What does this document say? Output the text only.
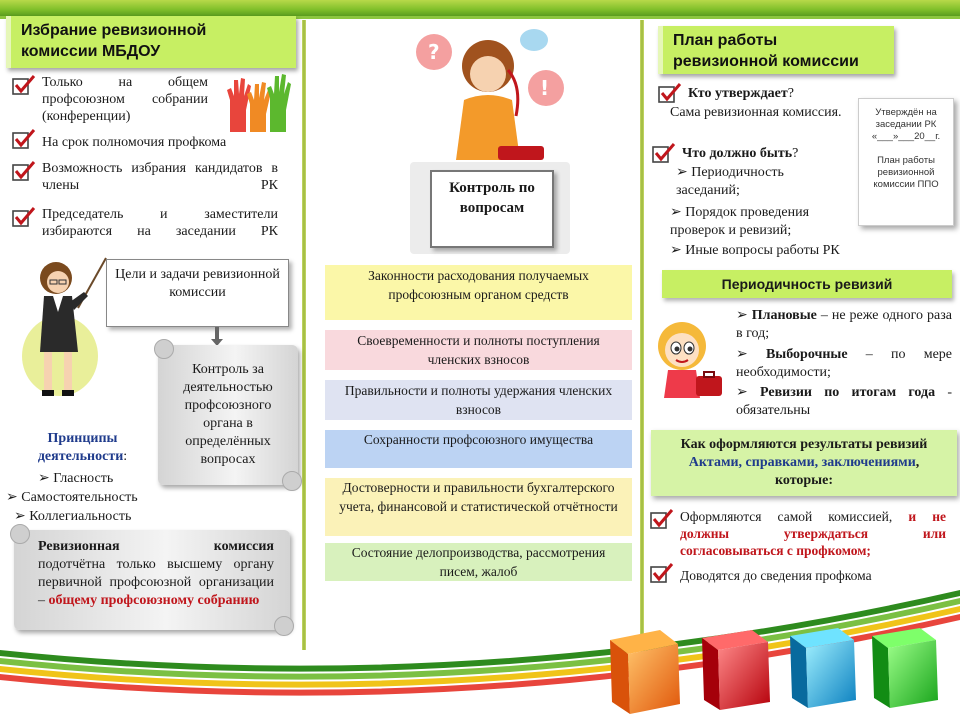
Избрание ревизионной комиссии МБДОУ
Только на общем профсоюзном собрании (конференции)
На срок полномочия профкома
Возможность избрания кандидатов в члены РК
Председатель и заместители избираются на заседании РК
Цели и задачи ревизионной комиссии
Контроль за деятельностью профсоюзного органа в определённых вопросах
Принципы деятельности:
➢ Гласность
➢ Самостоятельность
➢ Коллегиальность
Ревизионная комиссия
подотчётна только высшему органу первичной профсоюзной организации – общему профсоюзному собранию
?
!
Контроль по вопросам
Законности расходования получаемых профсоюзным органом средств
Своевременности и полноты поступления членских взносов
Правильности и полноты удержания членских взносов
Сохранности профсоюзного имущества
Достоверности и правильности бухгалтерского учета, финансовой и статистической отчётности
Состояние делопроизводства, рассмотрения писем, жалоб
План работы ревизионной комиссии
Кто утверждает?
Сама ревизионная комиссия.
Что должно быть?
➢ Периодичность заседаний;
➢ Порядок проведения проверок и ревизий;
➢ Иные вопросы работы РК
Утверждён на заседании РК
«___»___20__г.
План работы ревизионной комиссии ППО
Периодичность ревизий
➢ Плановые – не реже одного раза в год;
➢ Выборочные – по мере необходимости;
➢ Ревизии по итогам года - обязательны
Как оформляются результаты ревизий Актами, справками, заключениями, которые:
Оформляются самой комиссией, и не должны утверждаться или согласовываться с профкомом;
Доводятся до сведения профкома
